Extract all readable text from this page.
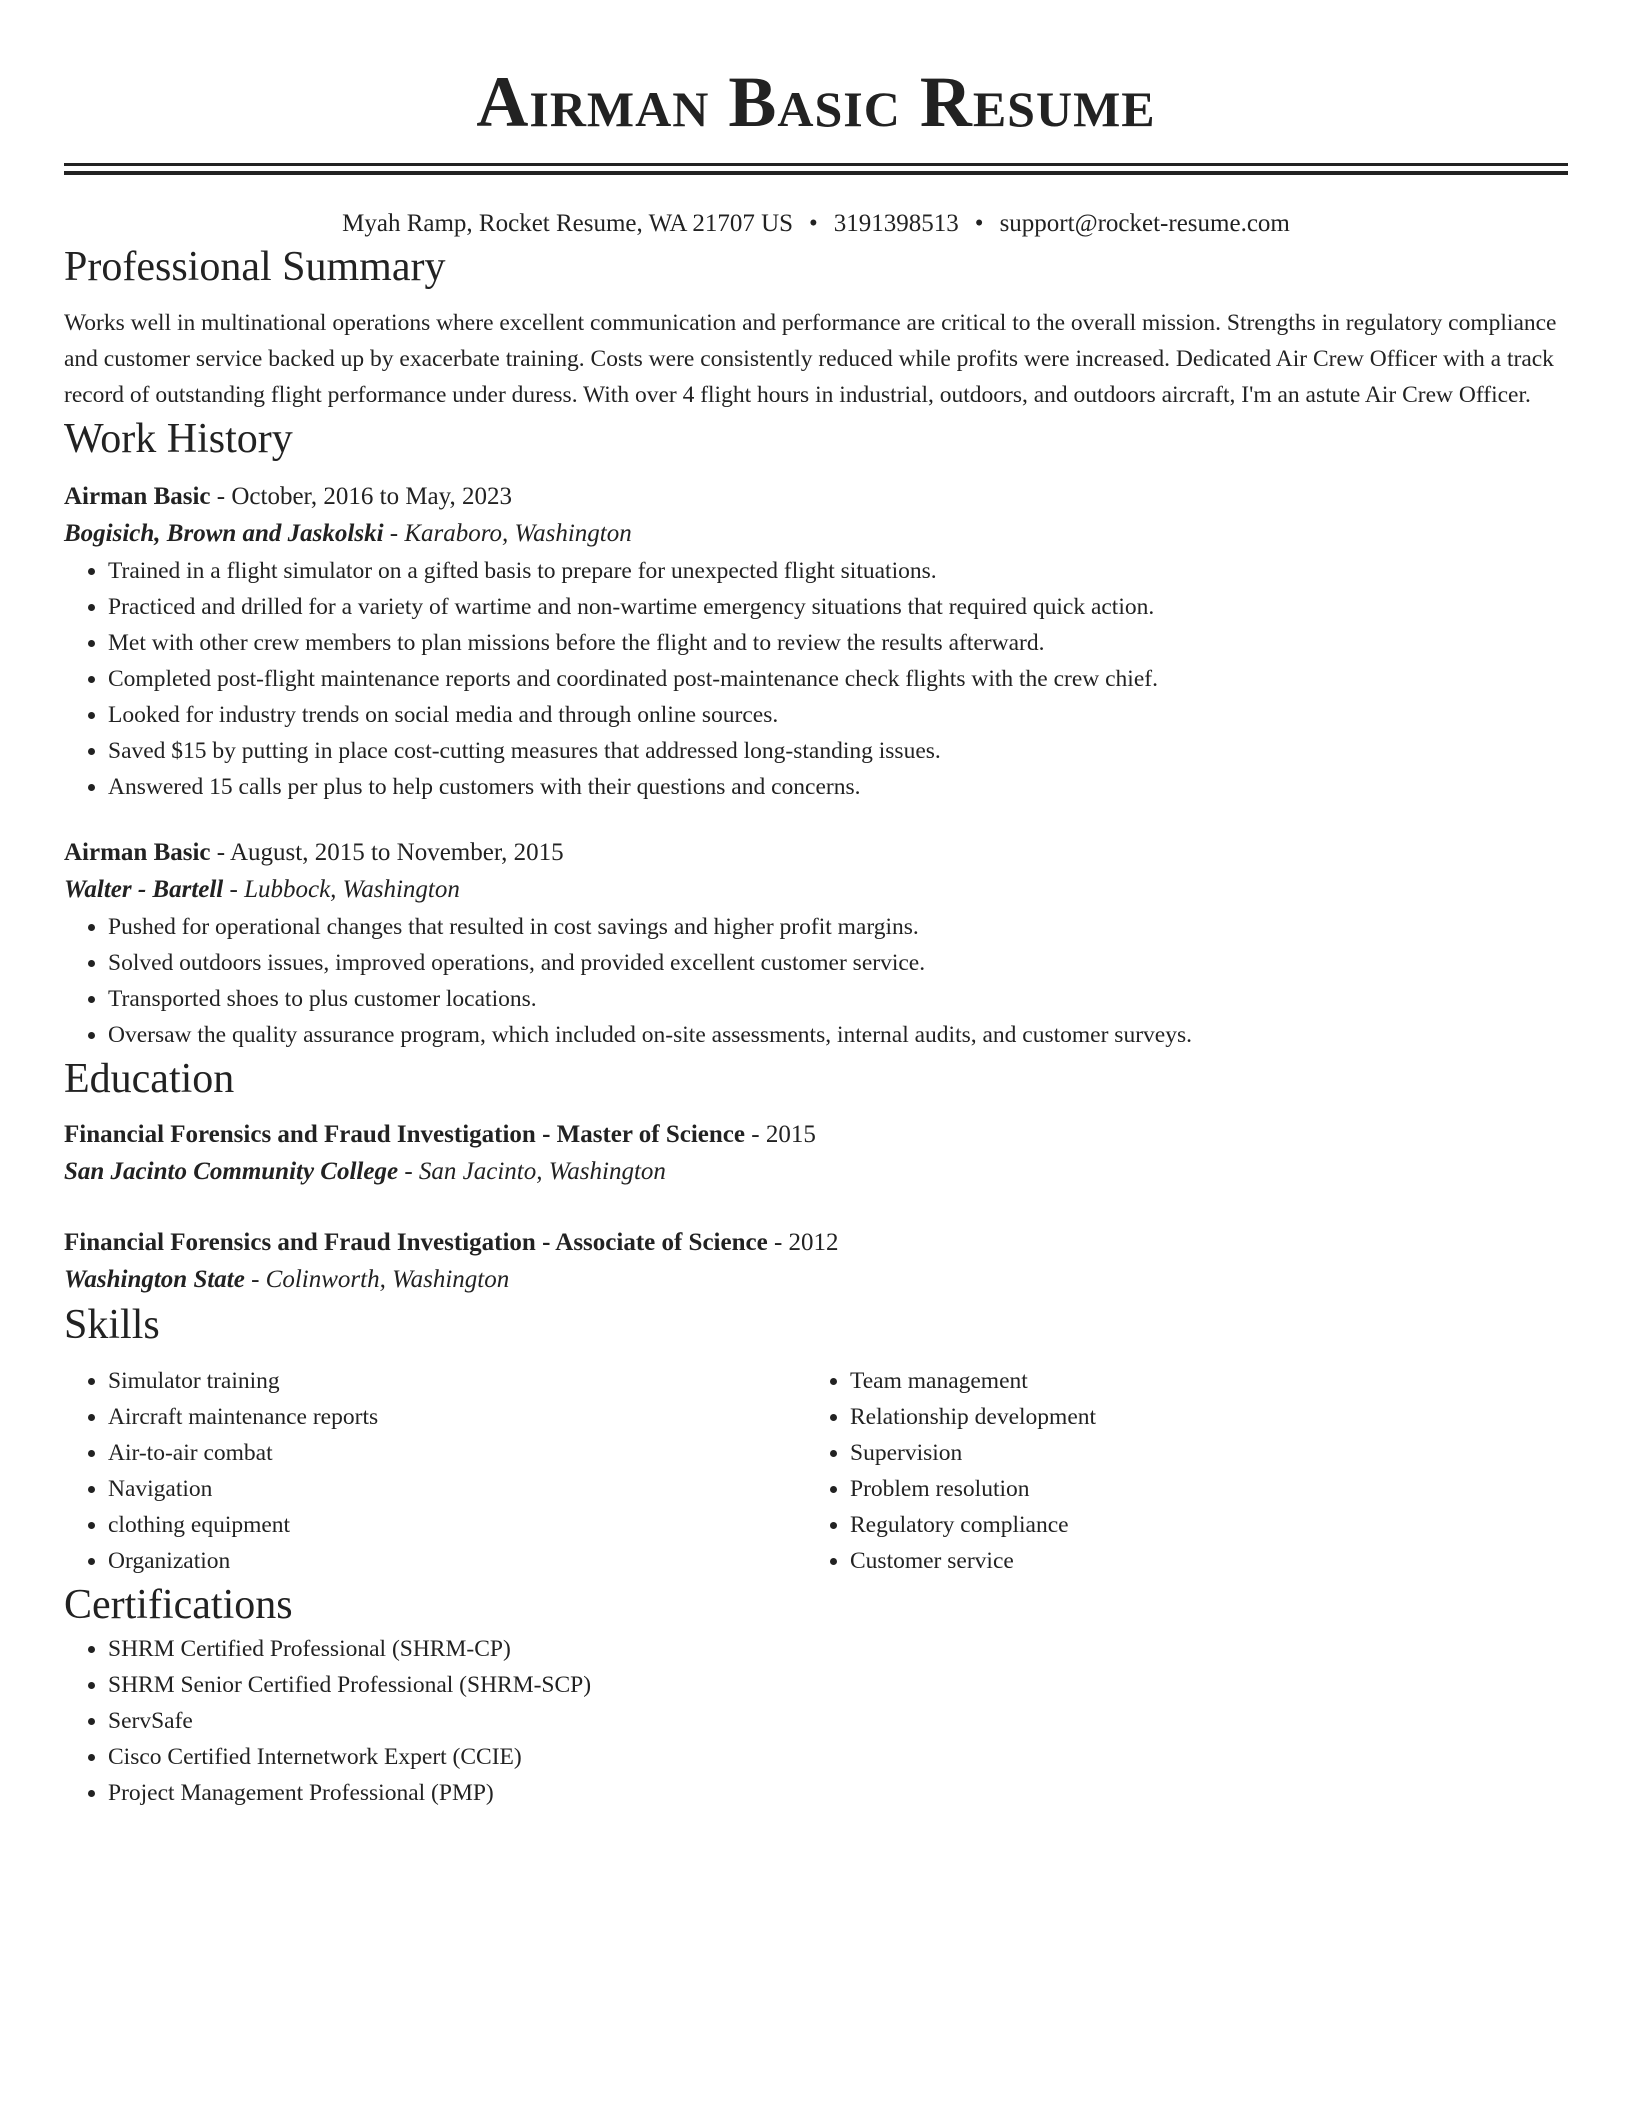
Airman Basic Resume
Myah Ramp, Rocket Resume, WA 21707 US • 3191398513 • support@rocket-resume.com
Professional Summary
Works well in multinational operations where excellent communication and performance are critical to the overall mission. Strengths in regulatory compliance and customer service backed up by exacerbate training. Costs were consistently reduced while profits were increased. Dedicated Air Crew Officer with a track record of outstanding flight performance under duress. With over 4 flight hours in industrial, outdoors, and outdoors aircraft, I'm an astute Air Crew Officer.
Work History
Airman Basic - October, 2016 to May, 2023
Bogisich, Brown and Jaskolski - Karaboro, Washington
• Trained in a flight simulator on a gifted basis to prepare for unexpected flight situations.
• Practiced and drilled for a variety of wartime and non-wartime emergency situations that required quick action.
• Met with other crew members to plan missions before the flight and to review the results afterward.
• Completed post-flight maintenance reports and coordinated post-maintenance check flights with the crew chief.
• Looked for industry trends on social media and through online sources.
• Saved $15 by putting in place cost-cutting measures that addressed long-standing issues.
• Answered 15 calls per plus to help customers with their questions and concerns.
Airman Basic - August, 2015 to November, 2015
Walter - Bartell - Lubbock, Washington
• Pushed for operational changes that resulted in cost savings and higher profit margins.
• Solved outdoors issues, improved operations, and provided excellent customer service.
• Transported shoes to plus customer locations.
• Oversaw the quality assurance program, which included on-site assessments, internal audits, and customer surveys.
Education
Financial Forensics and Fraud Investigation - Master of Science - 2015
San Jacinto Community College - San Jacinto, Washington
Financial Forensics and Fraud Investigation - Associate of Science - 2012
Washington State - Colinworth, Washington
Skills
• Simulator training
• Aircraft maintenance reports
• Air-to-air combat
• Navigation
• clothing equipment
• Organization
• Team management
• Relationship development
• Supervision
• Problem resolution
• Regulatory compliance
• Customer service
Certifications
• SHRM Certified Professional (SHRM-CP)
• SHRM Senior Certified Professional (SHRM-SCP)
• ServSafe
• Cisco Certified Internetwork Expert (CCIE)
• Project Management Professional (PMP)
